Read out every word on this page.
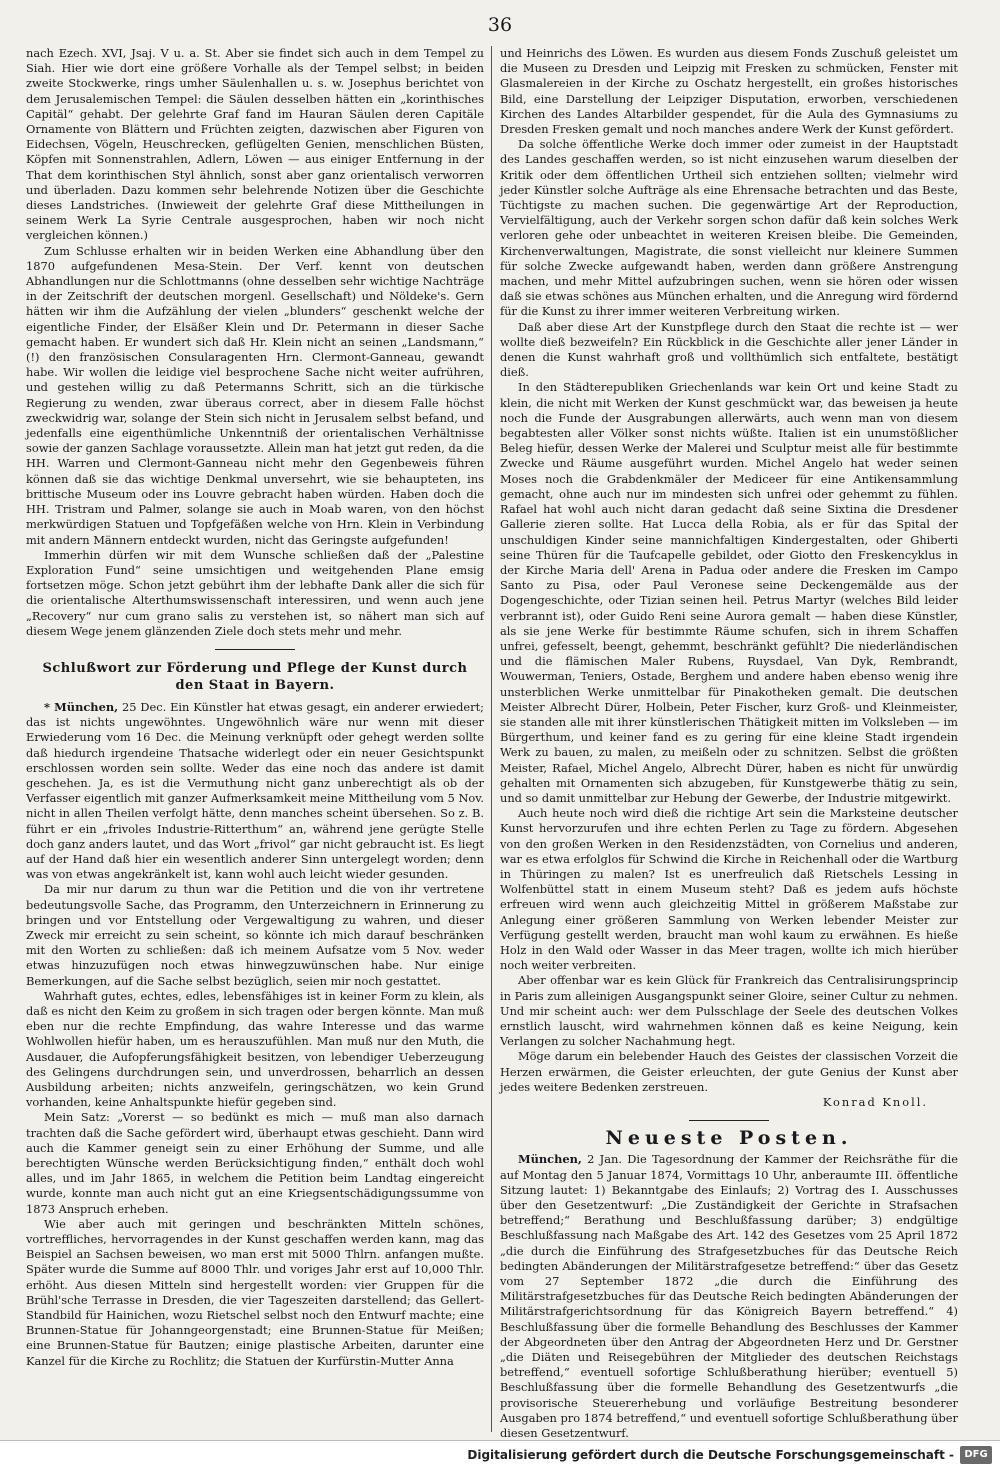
36

nach Ezech. XVI, Jsaj. V u. a. St. Aber sie findet sich auch in dem Tempel zu Siah. Hier wie dort eine größere Vorhalle als der Tempel selbst; in beiden zweite Stockwerke, rings umher Säulenhallen u. s. w. Josephus berichtet von dem Jerusalemischen Tempel: die Säulen desselben hätten ein „korinthisches Capitäl“ gehabt. Der gelehrte Graf fand im Hauran Säulen deren Capitäle Ornamente von Blättern und Früchten zeigten, dazwischen aber Figuren von Eidechsen, Vögeln, Heuschrecken, geflügelten Genien, menschlichen Büsten, Köpfen mit Sonnenstrahlen, Adlern, Löwen — aus einiger Entfernung in der That dem korinthischen Styl ähnlich, sonst aber ganz orientalisch verworren und überladen. Dazu kommen sehr belehrende Notizen über die Geschichte dieses Landstriches. (Inwieweit der gelehrte Graf diese Mittheilungen in seinem Werk La Syrie Centrale ausgesprochen, haben wir noch nicht vergleichen können.)

Zum Schlusse erhalten wir in beiden Werken eine Abhandlung über den 1870 aufgefundenen Mesa-Stein. Der Verf. kennt von deutschen Abhandlungen nur die Schlottmanns (ohne desselben sehr wichtige Nachträge in der Zeitschrift der deutschen morgenl. Gesellschaft) und Nöldeke's. Gern hätten wir ihm die Aufzählung der vielen „blunders“ geschenkt welche der eigentliche Finder, der Elsäßer Klein und Dr. Petermann in dieser Sache gemacht haben. Er wundert sich daß Hr. Klein nicht an seinen „Landsmann,“ (!) den französischen Consularagenten Hrn. Clermont-Ganneau, gewandt habe. Wir wollen die leidige viel besprochene Sache nicht weiter aufrühren, und gestehen willig zu daß Petermanns Schritt, sich an die türkische Regierung zu wenden, zwar überaus correct, aber in diesem Falle höchst zweckwidrig war, solange der Stein sich nicht in Jerusalem selbst befand, und jedenfalls eine eigenthümliche Unkenntniß der orientalischen Verhältnisse sowie der ganzen Sachlage voraussetzte. Allein man hat jetzt gut reden, da die HH. Warren und Clermont-Ganneau nicht mehr den Gegenbeweis führen können daß sie das wichtige Denkmal unversehrt, wie sie behaupteten, ins brittische Museum oder ins Louvre gebracht haben würden. Haben doch die HH. Tristram und Palmer, solange sie auch in Moab waren, von den höchst merkwürdigen Statuen und Topfgefäßen welche von Hrn. Klein in Verbindung mit andern Männern entdeckt wurden, nicht das Geringste aufgefunden!

Immerhin dürfen wir mit dem Wunsche schließen daß der „Palestine Exploration Fund“ seine umsichtigen und weitgehenden Plane emsig fortsetzen möge. Schon jetzt gebührt ihm der lebhafte Dank aller die sich für die orientalische Alterthumswissenschaft interessiren, und wenn auch jene „Recovery“ nur cum grano salis zu verstehen ist, so nähert man sich auf diesem Wege jenem glänzenden Ziele doch stets mehr und mehr.

Schlußwort zur Förderung und Pflege der Kunst durch den Staat in Bayern.

* München, 25 Dec. Ein Künstler hat etwas gesagt, ein anderer erwiedert; das ist nichts ungewöhntes. Ungewöhnlich wäre nur wenn mit dieser Erwiederung vom 16 Dec. die Meinung verknüpft oder gehegt werden sollte daß hiedurch irgendeine Thatsache widerlegt oder ein neuer Gesichtspunkt erschlossen worden sein sollte. Weder das eine noch das andere ist damit geschehen. Ja, es ist die Vermuthung nicht ganz unberechtigt als ob der Verfasser eigentlich mit ganzer Aufmerksamkeit meine Mittheilung vom 5 Nov. nicht in allen Theilen verfolgt hätte, denn manches scheint übersehen. So z. B. führt er ein „frivoles Industrie-Ritterthum“ an, während jene gerügte Stelle doch ganz anders lautet, und das Wort „frivol“ gar nicht gebraucht ist. Es liegt auf der Hand daß hier ein wesentlich anderer Sinn untergelegt worden; denn was von etwas angekränkelt ist, kann wohl auch leicht wieder gesunden.

Da mir nur darum zu thun war die Petition und die von ihr vertretene bedeutungsvolle Sache, das Programm, den Unterzeichnern in Erinnerung zu bringen und vor Entstellung oder Vergewaltigung zu wahren, und dieser Zweck mir erreicht zu sein scheint, so könnte ich mich darauf beschränken mit den Worten zu schließen: daß ich meinem Aufsatze vom 5 Nov. weder etwas hinzuzufügen noch etwas hinwegzuwünschen habe. Nur einige Bemerkungen, auf die Sache selbst bezüglich, seien mir noch gestattet.

Wahrhaft gutes, echtes, edles, lebensfähiges ist in keiner Form zu klein, als daß es nicht den Keim zu großem in sich tragen oder bergen könnte. Man muß eben nur die rechte Empfindung, das wahre Interesse und das warme Wohlwollen hiefür haben, um es herauszufühlen. Man muß nur den Muth, die Ausdauer, die Aufopferungsfähigkeit besitzen, von lebendiger Ueberzeugung des Gelingens durchdrungen sein, und unverdrossen, beharrlich an dessen Ausbildung arbeiten; nichts anzweifeln, geringschätzen, wo kein Grund vorhanden, keine Anhaltspunkte hiefür gegeben sind.

Mein Satz: „Vorerst — so bedünkt es mich — muß man also darnach trachten daß die Sache gefördert wird, überhaupt etwas geschieht. Dann wird auch die Kammer geneigt sein zu einer Erhöhung der Summe, und alle berechtigten Wünsche werden Berücksichtigung finden,“ enthält doch wohl alles, und im Jahr 1865, in welchem die Petition beim Landtag eingereicht wurde, konnte man auch nicht gut an eine Kriegsentschädigungssumme von 1873 Anspruch erheben.

Wie aber auch mit geringen und beschränkten Mitteln schönes, vortreffliches, hervorragendes in der Kunst geschaffen werden kann, mag das Beispiel an Sachsen beweisen, wo man erst mit 5000 Thlrn. anfangen mußte. Später wurde die Summe auf 8000 Thlr. und voriges Jahr erst auf 10,000 Thlr. erhöht. Aus diesen Mitteln sind hergestellt worden: vier Gruppen für die Brühl'sche Terrasse in Dresden, die vier Tageszeiten darstellend; das Gellert-Standbild für Hainichen, wozu Rietschel selbst noch den Entwurf machte; eine Brunnen-Statue für Johanngeorgenstadt; eine Brunnen-Statue für Meißen; eine Brunnen-Statue für Bautzen; einige plastische Arbeiten, darunter eine Kanzel für die Kirche zu Rochlitz; die Statuen der Kurfürstin-Mutter Anna

und Heinrichs des Löwen. Es wurden aus diesem Fonds Zuschuß geleistet um die Museen zu Dresden und Leipzig mit Fresken zu schmücken, Fenster mit Glasmalereien in der Kirche zu Oschatz hergestellt, ein großes historisches Bild, eine Darstellung der Leipziger Disputation, erworben, verschiedenen Kirchen des Landes Altarbilder gespendet, für die Aula des Gymnasiums zu Dresden Fresken gemalt und noch manches andere Werk der Kunst gefördert.

Da solche öffentliche Werke doch immer oder zumeist in der Hauptstadt des Landes geschaffen werden, so ist nicht einzusehen warum dieselben der Kritik oder dem öffentlichen Urtheil sich entziehen sollten; vielmehr wird jeder Künstler solche Aufträge als eine Ehrensache betrachten und das Beste, Tüchtigste zu machen suchen. Die gegenwärtige Art der Reproduction, Vervielfältigung, auch der Verkehr sorgen schon dafür daß kein solches Werk verloren gehe oder unbeachtet in weiteren Kreisen bleibe. Die Gemeinden, Kirchenverwaltungen, Magistrate, die sonst vielleicht nur kleinere Summen für solche Zwecke aufgewandt haben, werden dann größere Anstrengung machen, und mehr Mittel aufzubringen suchen, wenn sie hören oder wissen daß sie etwas schönes aus München erhalten, und die Anregung wird fördernd für die Kunst zu ihrer immer weiteren Verbreitung wirken.

Daß aber diese Art der Kunstpflege durch den Staat die rechte ist — wer wollte dieß bezweifeln? Ein Rückblick in die Geschichte aller jener Länder in denen die Kunst wahrhaft groß und vollthümlich sich entfaltete, bestätigt dieß.

In den Städterepubliken Griechenlands war kein Ort und keine Stadt zu klein, die nicht mit Werken der Kunst geschmückt war, das beweisen ja heute noch die Funde der Ausgrabungen allerwärts, auch wenn man von diesem begabtesten aller Völker sonst nichts wüßte. Italien ist ein unumstößlicher Beleg hiefür, dessen Werke der Malerei und Sculptur meist alle für bestimmte Zwecke und Räume ausgeführt wurden. Michel Angelo hat weder seinen Moses noch die Grabdenkmäler der Mediceer für eine Antikensammlung gemacht, ohne auch nur im mindesten sich unfrei oder gehemmt zu fühlen. Rafael hat wohl auch nicht daran gedacht daß seine Sixtina die Dresdener Gallerie zieren sollte. Hat Lucca della Robia, als er für das Spital der unschuldigen Kinder seine mannichfaltigen Kindergestalten, oder Ghiberti seine Thüren für die Taufcapelle gebildet, oder Giotto den Freskencyklus in der Kirche Maria dell' Arena in Padua oder andere die Fresken im Campo Santo zu Pisa, oder Paul Veronese seine Deckengemälde aus der Dogengeschichte, oder Tizian seinen heil. Petrus Martyr (welches Bild leider verbrannt ist), oder Guido Reni seine Aurora gemalt — haben diese Künstler, als sie jene Werke für bestimmte Räume schufen, sich in ihrem Schaffen unfrei, gefesselt, beengt, gehemmt, beschränkt gefühlt? Die niederländischen und die flämischen Maler Rubens, Ruysdael, Van Dyk, Rembrandt, Wouwerman, Teniers, Ostade, Berghem und andere haben ebenso wenig ihre unsterblichen Werke unmittelbar für Pinakotheken gemalt. Die deutschen Meister Albrecht Dürer, Holbein, Peter Fischer, kurz Groß- und Kleinmeister, sie standen alle mit ihrer künstlerischen Thätigkeit mitten im Volksleben — im Bürgerthum, und keiner fand es zu gering für eine kleine Stadt irgendein Werk zu bauen, zu malen, zu meißeln oder zu schnitzen. Selbst die größten Meister, Rafael, Michel Angelo, Albrecht Dürer, haben es nicht für unwürdig gehalten mit Ornamenten sich abzugeben, für Kunstgewerbe thätig zu sein, und so damit unmittelbar zur Hebung der Gewerbe, der Industrie mitgewirkt.

Auch heute noch wird dieß die richtige Art sein die Marksteine deutscher Kunst hervorzurufen und ihre echten Perlen zu Tage zu fördern. Abgesehen von den großen Werken in den Residenzstädten, von Cornelius und anderen, war es etwa erfolglos für Schwind die Kirche in Reichenhall oder die Wartburg in Thüringen zu malen? Ist es unerfreulich daß Rietschels Lessing in Wolfenbüttel statt in einem Museum steht? Daß es jedem aufs höchste erfreuen wird wenn auch gleichzeitig Mittel in größerem Maßstabe zur Anlegung einer größeren Sammlung von Werken lebender Meister zur Verfügung gestellt werden, braucht man wohl kaum zu erwähnen. Es hieße Holz in den Wald oder Wasser in das Meer tragen, wollte ich mich hierüber noch weiter verbreiten.

Aber offenbar war es kein Glück für Frankreich das Centralisirungsprincip in Paris zum alleinigen Ausgangspunkt seiner Gloire, seiner Cultur zu nehmen. Und mir scheint auch: wer dem Pulsschlage der Seele des deutschen Volkes ernstlich lauscht, wird wahrnehmen können daß es keine Neigung, kein Verlangen zu solcher Nachahmung hegt.

Möge darum ein belebender Hauch des Geistes der classischen Vorzeit die Herzen erwärmen, die Geister erleuchten, der gute Genius der Kunst aber jedes weitere Bedenken zerstreuen.

Konrad Knoll.
Neueste Posten.

München, 2 Jan. Die Tagesordnung der Kammer der Reichsräthe für die auf Montag den 5 Januar 1874, Vormittags 10 Uhr, anberaumte III. öffentliche Sitzung lautet: 1) Bekanntgabe des Einlaufs; 2) Vortrag des I. Ausschusses über den Gesetzentwurf: „Die Zuständigkeit der Gerichte in Strafsachen betreffend;“ Berathung und Beschlußfassung darüber; 3) endgültige Beschlußfassung nach Maßgabe des Art. 142 des Gesetzes vom 25 April 1872 „die durch die Einführung des Strafgesetzbuches für das Deutsche Reich bedingten Abänderungen der Militärstrafgesetze betreffend:“ über das Gesetz vom 27 September 1872 „die durch die Einführung des Militärstrafgesetzbuches für das Deutsche Reich bedingten Abänderungen der Militärstrafgerichtsordnung für das Königreich Bayern betreffend.“ 4) Beschlußfassung über die formelle Behandlung des Beschlusses der Kammer der Abgeordneten über den Antrag der Abgeordneten Herz und Dr. Gerstner „die Diäten und Reisegebühren der Mitglieder des deutschen Reichstags betreffend,“ eventuell sofortige Schlußberathung hierüber; eventuell 5) Beschlußfassung über die formelle Behandlung des Gesetzentwurfs „die provisorische Steuererhebung und vorläufige Bestreitung besonderer Ausgaben pro 1874 betreffend,“ und eventuell sofortige Schlußberathung über diesen Gesetzentwurf.

Digitalisierung gefördert durch die Deutsche Forschungsgemeinschaft -	DFG
